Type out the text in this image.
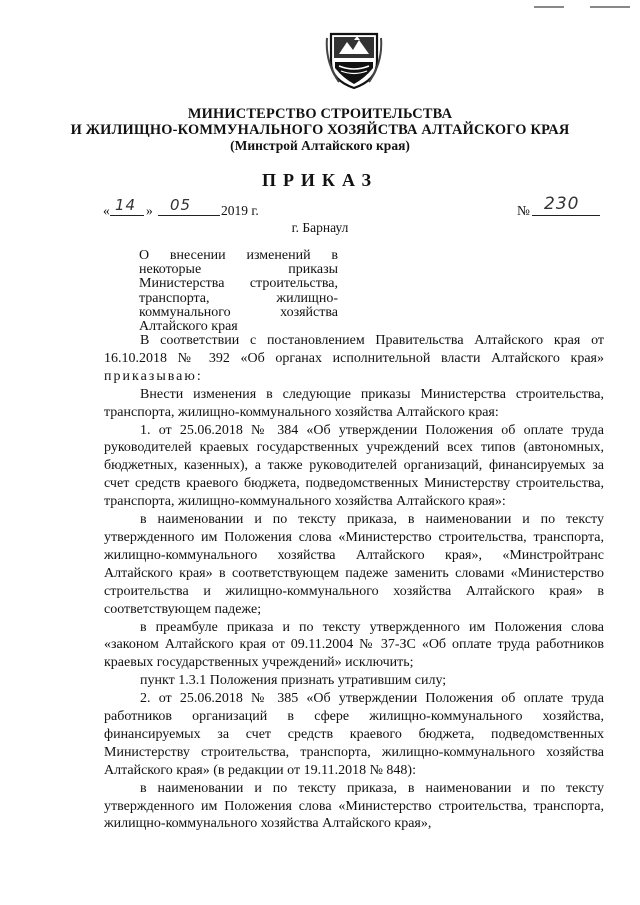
МИНИСТЕРСТВО СТРОИТЕЛЬСТВА
И ЖИЛИЩНО-КОММУНАЛЬНОГО ХОЗЯЙСТВА АЛТАЙСКОГО КРАЯ
(Минстрой Алтайского края)
ПРИКАЗ
« 14 » 05 2019 г.	№ 230
г. Барнаул
О внесении изменений в некоторые приказы Министерства строительства, транспорта, жилищно-коммунального хозяйства Алтайского края

В соответствии с постановлением Правительства Алтайского края от 16.10.2018 № 392 «Об органах исполнительной власти Алтайского края» приказываю:

Внести изменения в следующие приказы Министерства строительства, транспорта, жилищно-коммунального хозяйства Алтайского края:

1. от 25.06.2018 № 384 «Об утверждении Положения об оплате труда руководителей краевых государственных учреждений всех типов (автономных, бюджетных, казенных), а также руководителей организаций, финансируемых за счет средств краевого бюджета, подведомственных Министерству строительства, транспорта, жилищно-коммунального хозяйства Алтайского края»:

в наименовании и по тексту приказа, в наименовании и по тексту утвержденного им Положения слова «Министерство строительства, транспорта, жилищно-коммунального хозяйства Алтайского края», «Минстройтранс Алтайского края» в соответствующем падеже заменить словами «Министерство строительства и жилищно-коммунального хозяйства Алтайского края» в соответствующем падеже;

в преамбуле приказа и по тексту утвержденного им Положения слова «законом Алтайского края от 09.11.2004 № 37-ЗС «Об оплате труда работников краевых государственных учреждений» исключить;

пункт 1.3.1 Положения признать утратившим силу;

2. от 25.06.2018 № 385 «Об утверждении Положения об оплате труда работников организаций в сфере жилищно-коммунального хозяйства, финансируемых за счет средств краевого бюджета, подведомственных Министерству строительства, транспорта, жилищно-коммунального хозяйства Алтайского края» (в редакции от 19.11.2018 № 848):

в наименовании и по тексту приказа, в наименовании и по тексту утвержденного им Положения слова «Министерство строительства, транспорта, жилищно-коммунального хозяйства Алтайского края»,
